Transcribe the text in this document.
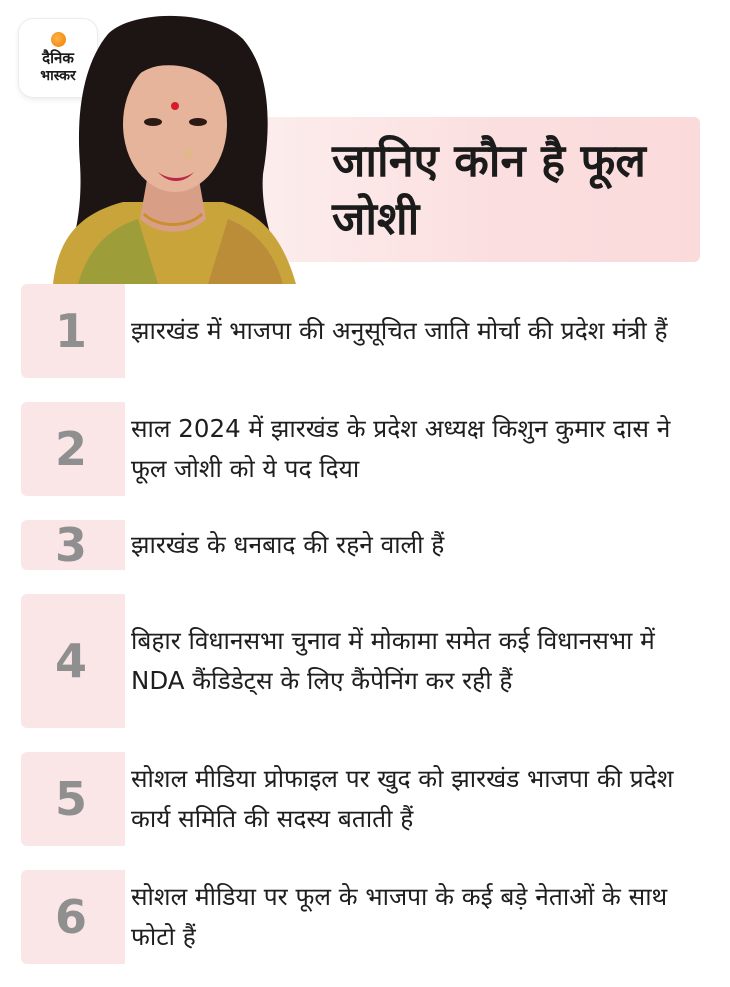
दैनिक
भास्कर
जानिए कौन है फूल जोशी
1	झारखंड में भाजपा की अनुसूचित जाति मोर्चा की प्रदेश मंत्री हैं
2	साल 2024 में झारखंड के प्रदेश अध्यक्ष किशुन कुमार दास ने फूल जोशी को ये पद दिया
3	झारखंड के धनबाद की रहने वाली हैं
4	बिहार विधानसभा चुनाव में मोकामा समेत कई विधानसभा में NDA कैंडिडेट्स के लिए कैंपेनिंग कर रही हैं
5	सोशल मीडिया प्रोफाइल पर खुद को झारखंड भाजपा की प्रदेश कार्य समिति की सदस्य बताती हैं
6	सोशल मीडिया पर फूल के भाजपा के कई बड़े नेताओं के साथ फोटो हैं
